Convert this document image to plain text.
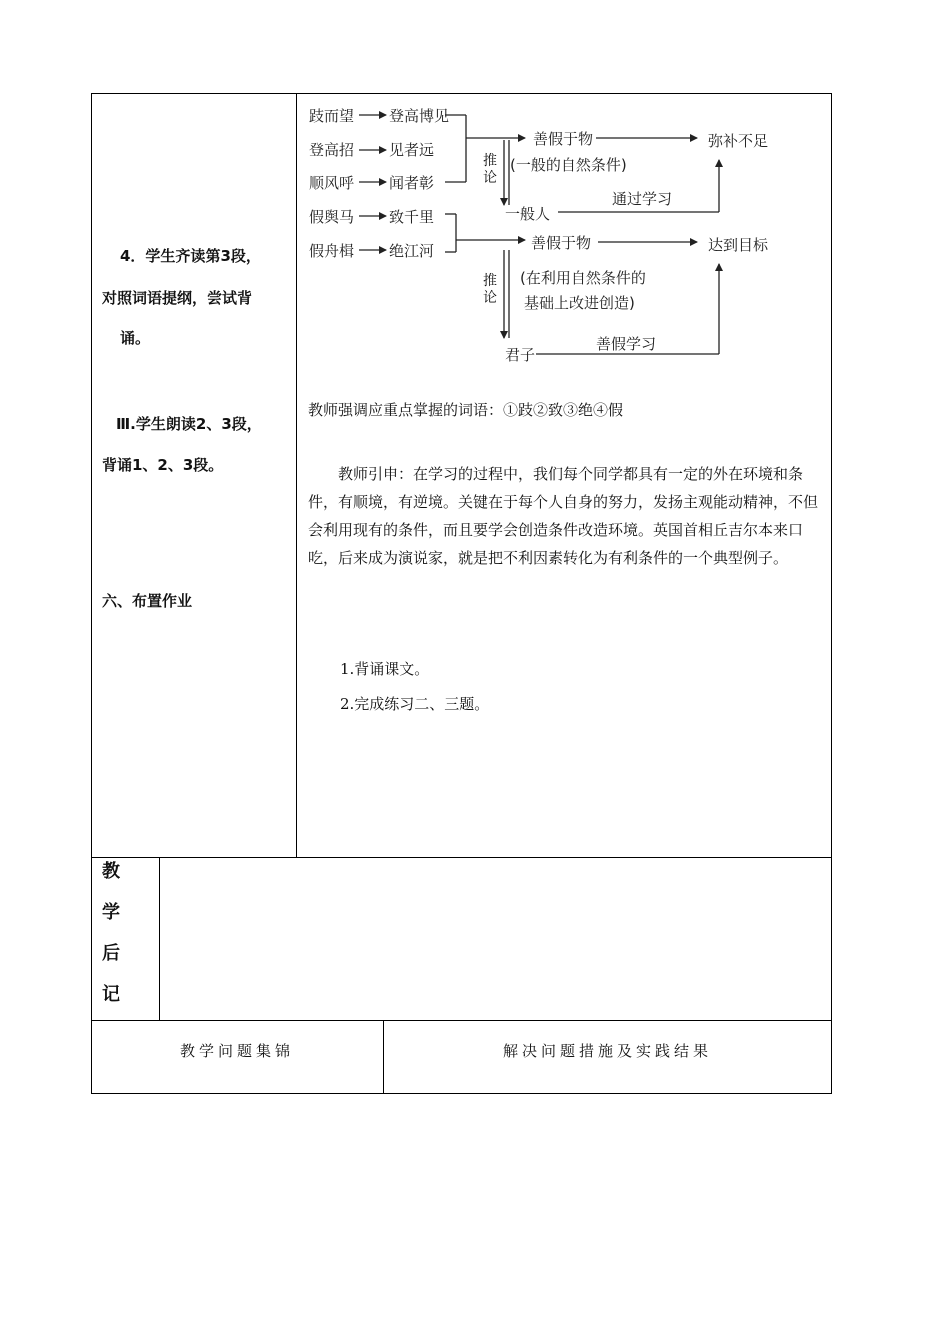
4．学生齐读第3段，
对照词语提纲，尝试背
诵。
Ⅲ.学生朗读2、3段，
背诵1、2、3段。
六、布置作业
跂而望
登高招
顺风呼
登高博见
见者远
闻者彰
假舆马
假舟楫
致千里
绝江河
推
论
推
论
善假于物
(一般的自然条件)
弥补不足
一般人
通过学习
善假于物
(在利用自然条件的
基础上改进创造)
达到目标
君子
善假学习
教师强调应重点掌握的词语：①跂②致③绝④假
教师引申：在学习的过程中，我们每个同学都具有一定的外在环境和条件，有顺境，有逆境。关键在于每个人自身的努力，发扬主观能动精神，不但会利用现有的条件，而且要学会创造条件改造环境。英国首相丘吉尔本来口吃，后来成为演说家，就是把不利因素转化为有利条件的一个典型例子。
1.背诵课文。
2.完成练习二、三题。
教
学
后
记
教学问题集锦	解决问题措施及实践结果
